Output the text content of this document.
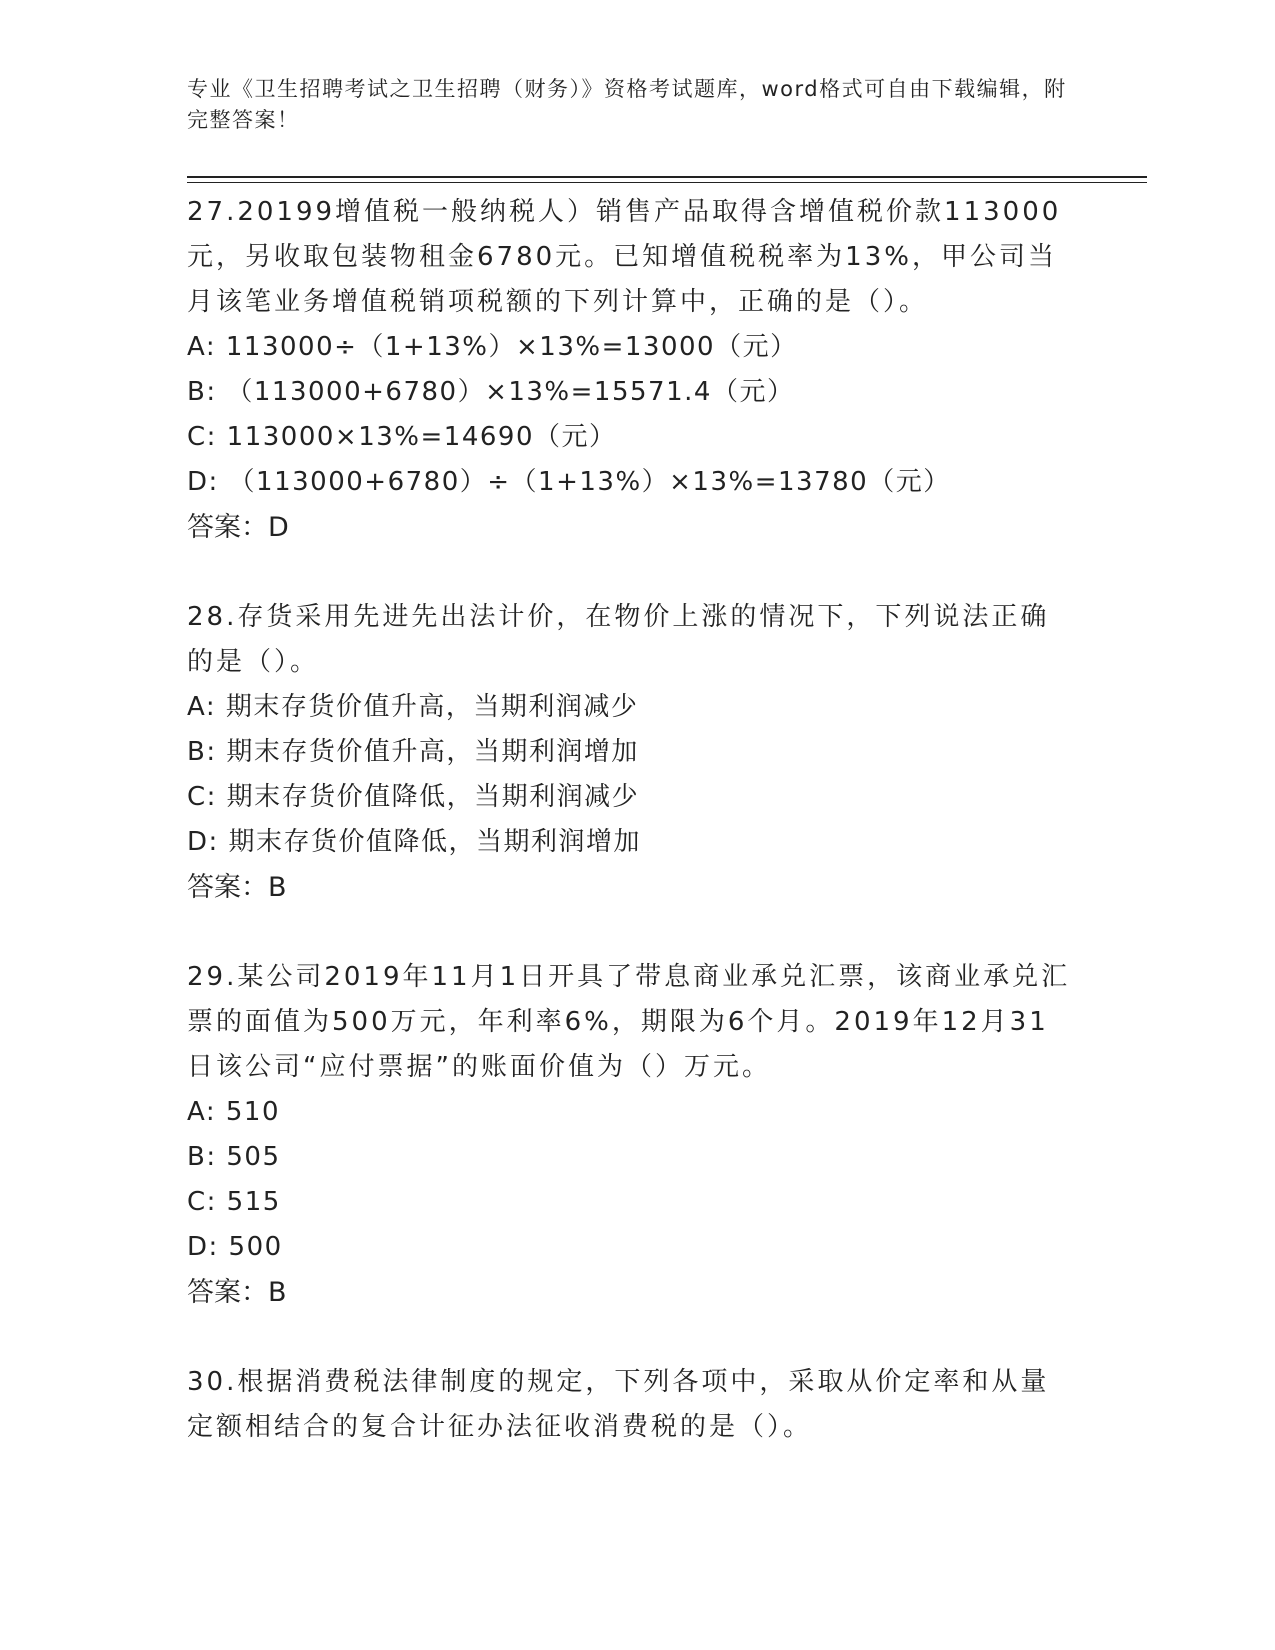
专业《卫生招聘考试之卫生招聘（财务）》资格考试题库，word格式可自由下载编辑，附完整答案！
27.20199增值税一般纳税人）销售产品取得含增值税价款113000元，另收取包装物租金6780元。已知增值税税率为13%，甲公司当月该笔业务增值税销项税额的下列计算中，正确的是（）。
A: 113000÷（1+13%）×13%=13000（元）
B: （113000+6780）×13%=15571.4（元）
C: 113000×13%=14690（元）
D: （113000+6780）÷（1+13%）×13%=13780（元）
答案：D
28.存货采用先进先出法计价，在物价上涨的情况下，下列说法正确的是（）。
A: 期末存货价值升高，当期利润减少
B: 期末存货价值升高，当期利润增加
C: 期末存货价值降低，当期利润减少
D: 期末存货价值降低，当期利润增加
答案：B
29.某公司2019年11月1日开具了带息商业承兑汇票，该商业承兑汇票的面值为500万元，年利率6%，期限为6个月。2019年12月31日该公司“应付票据”的账面价值为（）万元。
A: 510
B: 505
C: 515
D: 500
答案：B
30.根据消费税法律制度的规定，下列各项中，采取从价定率和从量定额相结合的复合计征办法征收消费税的是（）。
